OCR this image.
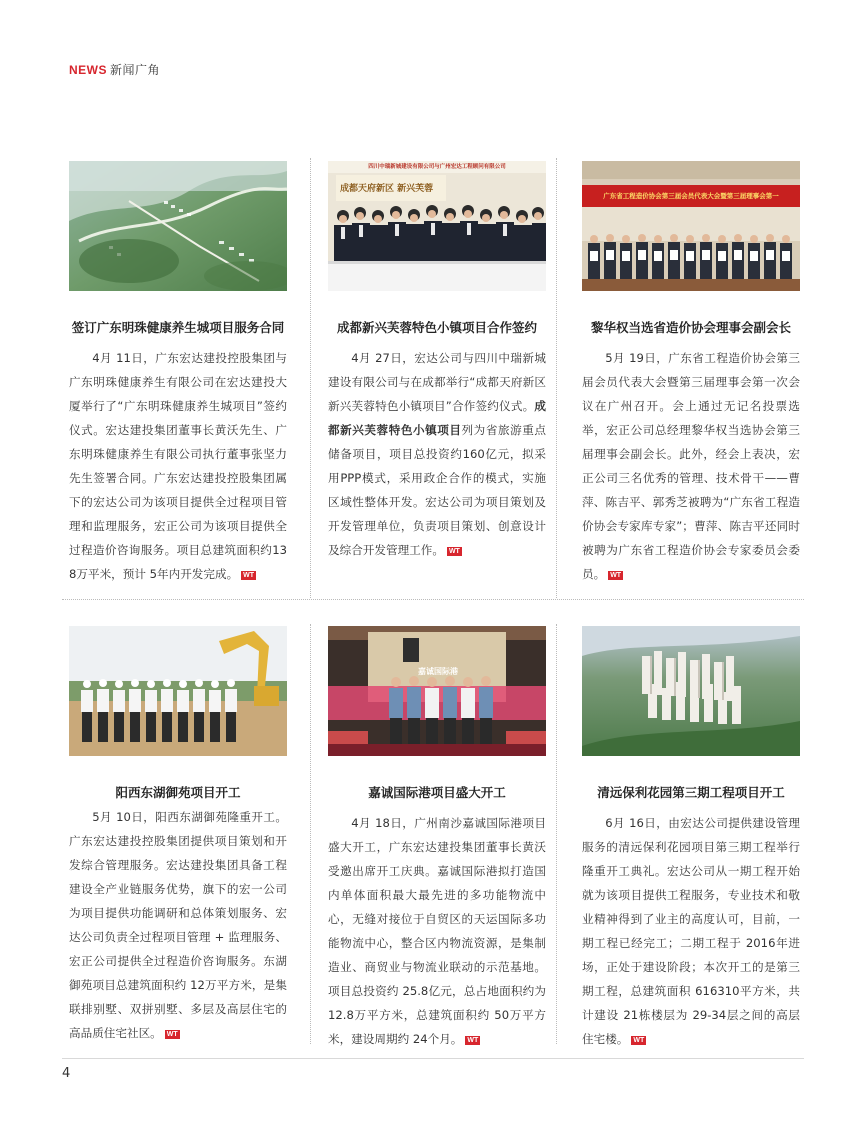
NEWS 新闻广角
签订广东明珠健康养生城项目服务合同
4月 11日，广东宏达建投控股集团与广东明珠健康养生有限公司在宏达建投大厦举行了“广东明珠健康养生城项目”签约仪式。宏达建投集团董事长黄沃先生、广东明珠健康养生有限公司执行董事张坚力先生签署合同。广东宏达建投控股集团属下的宏达公司为该项目提供全过程项目管理和监理服务，宏正公司为该项目提供全过程造价咨询服务。项目总建筑面积约138万平米，预计 5年内开发完成。 WT
四川中瑞新城建设有限公司与广州宏达工程顾问有限公司
成都天府新区 新兴芙蓉
成都新兴芙蓉特色小镇项目合作签约
4月 27日，宏达公司与四川中瑞新城建设有限公司与在成都举行“成都天府新区新兴芙蓉特色小镇项目”合作签约仪式。成都新兴芙蓉特色小镇项目列为省旅游重点储备项目，项目总投资约160亿元，拟采用PPP模式，采用政企合作的模式，实施区域性整体开发。宏达公司为项目策划及开发管理单位，负责项目策划、创意设计及综合开发管理工作。 WT
广东省工程造价协会第三届会员代表大会暨第三届理事会第一
黎华权当选省造价协会理事会副会长
5月 19日，广东省工程造价协会第三届会员代表大会暨第三届理事会第一次会议在广州召开。会上通过无记名投票选举，宏正公司总经理黎华权当选协会第三届理事会副会长。此外，经会上表决，宏正公司三名优秀的管理、技术骨干——曹萍、陈吉平、郭秀芝被聘为“广东省工程造价协会专家库专家”；曹萍、陈吉平还同时被聘为广东省工程造价协会专家委员会委员。 WT
阳西东湖御苑项目开工
5月 10日，阳西东湖御苑隆重开工。广东宏达建投控股集团提供项目策划和开发综合管理服务。宏达建投集团具备工程建设全产业链服务优势，旗下的宏一公司为项目提供功能调研和总体策划服务、宏达公司负责全过程项目管理 + 监理服务、宏正公司提供全过程造价咨询服务。东湖御苑项目总建筑面积约 12万平方米，是集联排别墅、双拼别墅、多层及高层住宅的高品质住宅社区。 WT
嘉诚国际港
嘉诚国际港项目盛大开工
4月 18日，广州南沙嘉诚国际港项目盛大开工，广东宏达建投集团董事长黄沃受邀出席开工庆典。嘉诚国际港拟打造国内单体面积最大最先进的多功能物流中心，无缝对接位于自贸区的天运国际多功能物流中心，整合区内物流资源，是集制造业、商贸业与物流业联动的示范基地。项目总投资约 25.8亿元，总占地面积约为 12.8万平方米，总建筑面积约 50万平方米，建设周期约 24个月。 WT
清远保利花园第三期工程项目开工
6月 16日，由宏达公司提供建设管理服务的清远保利花园项目第三期工程举行隆重开工典礼。宏达公司从一期工程开始就为该项目提供工程服务，专业技术和敬业精神得到了业主的高度认可，目前，一期工程已经完工；二期工程于 2016年进场，正处于建设阶段；本次开工的是第三期工程，总建筑面积 616310平方米，共计建设 21栋楼层为 29-34层之间的高层住宅楼。 WT
4
